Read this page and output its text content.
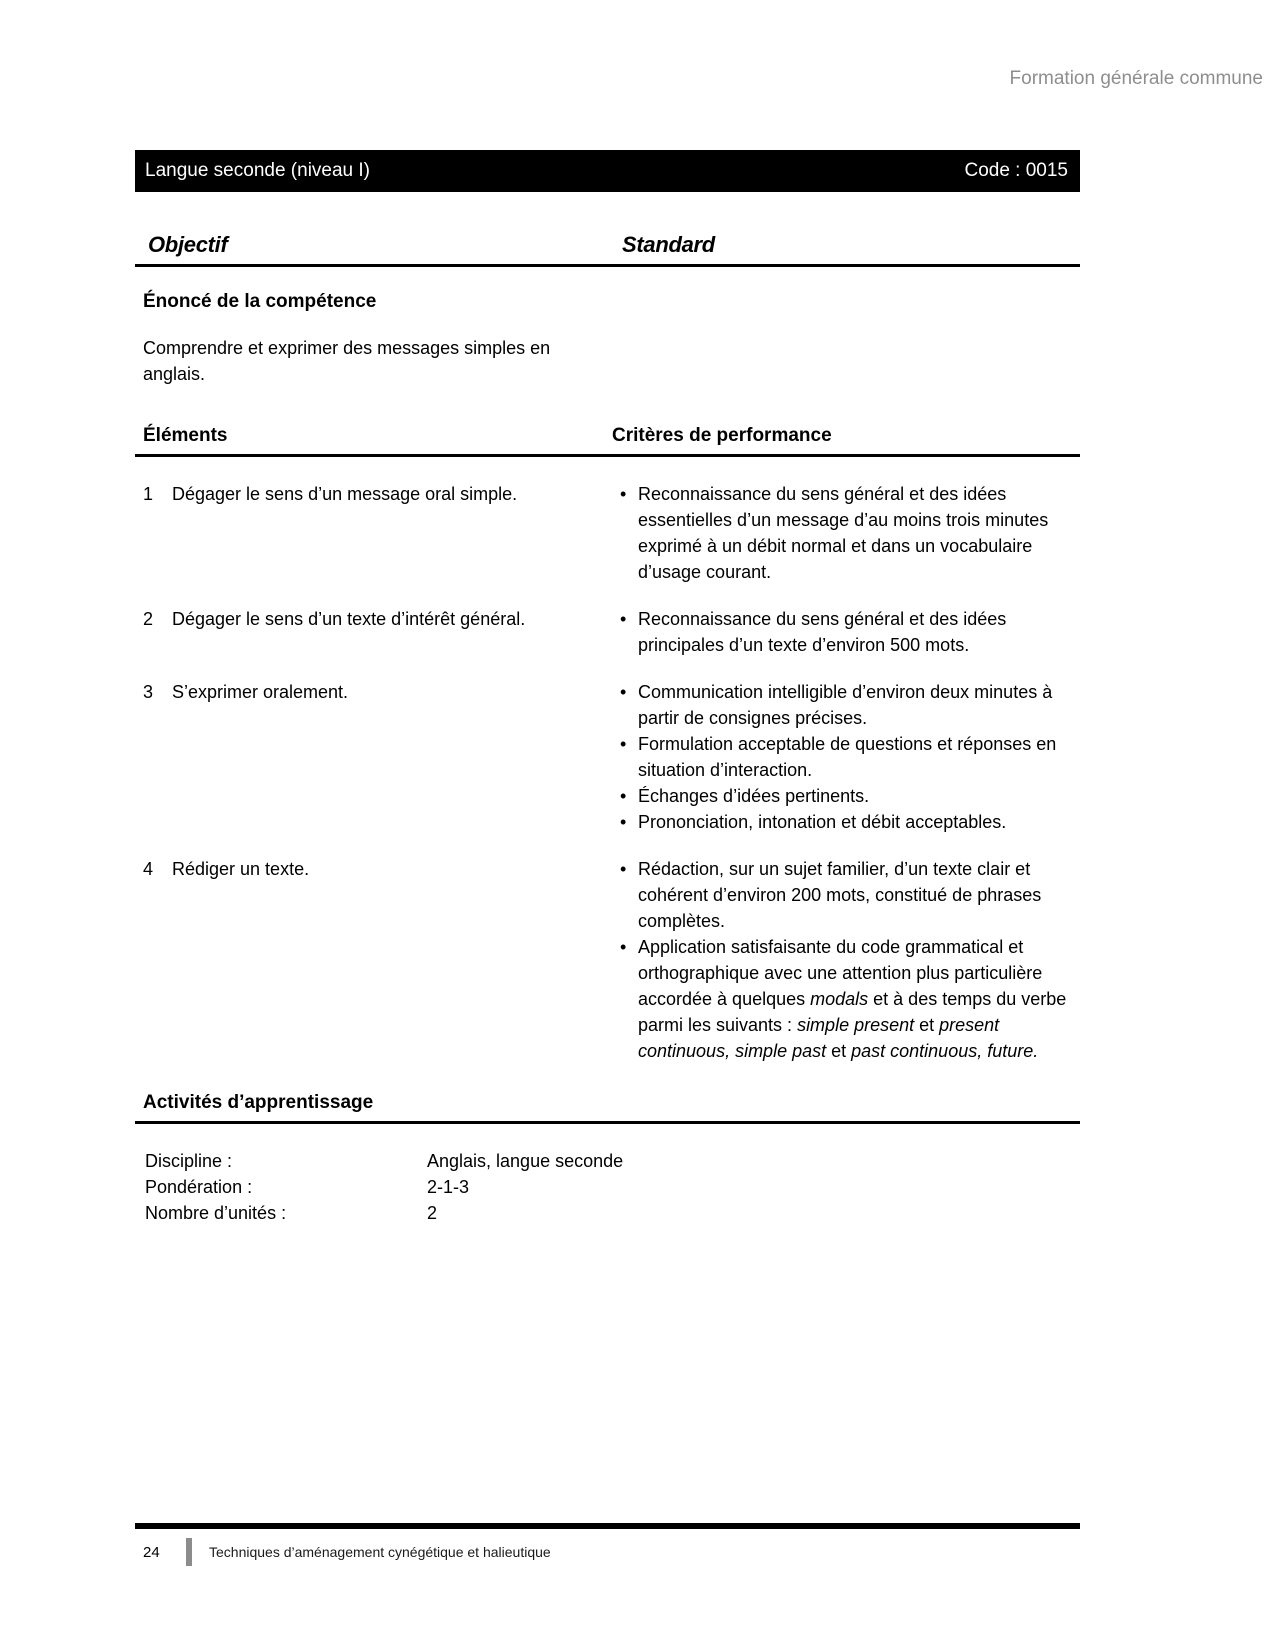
Formation générale commune
Langue seconde (niveau I)	Code : 0015
Objectif	Standard
Énoncé de la compétence
Comprendre et exprimer des messages simples en anglais.
Éléments	Critères de performance
1	Dégager le sens d’un message oral simple.	• Reconnaissance du sens général et des idées essentielles d’un message d’au moins trois minutes exprimé à un débit normal et dans un vocabulaire d’usage courant.
2	Dégager le sens d’un texte d’intérêt général.	• Reconnaissance du sens général et des idées principales d’un texte d’environ 500 mots.
3	S’exprimer oralement.	• Communication intelligible d’environ deux minutes à partir de consignes précises.
• Formulation acceptable de questions et réponses en situation d’interaction.
• Échanges d’idées pertinents.
• Prononciation, intonation et débit acceptables.
4	Rédiger un texte.	• Rédaction, sur un sujet familier, d’un texte clair et cohérent d’environ 200 mots, constitué de phrases complètes.
• Application satisfaisante du code grammatical et orthographique avec une attention plus particulière accordée à quelques modals et à des temps du verbe parmi les suivants : simple present et present continuous, simple past et past continuous, future.
Activités d’apprentissage
Discipline :	Anglais, langue seconde
Pondération :	2-1-3
Nombre d’unités :	2
24	Techniques d’aménagement cynégétique et halieutique
